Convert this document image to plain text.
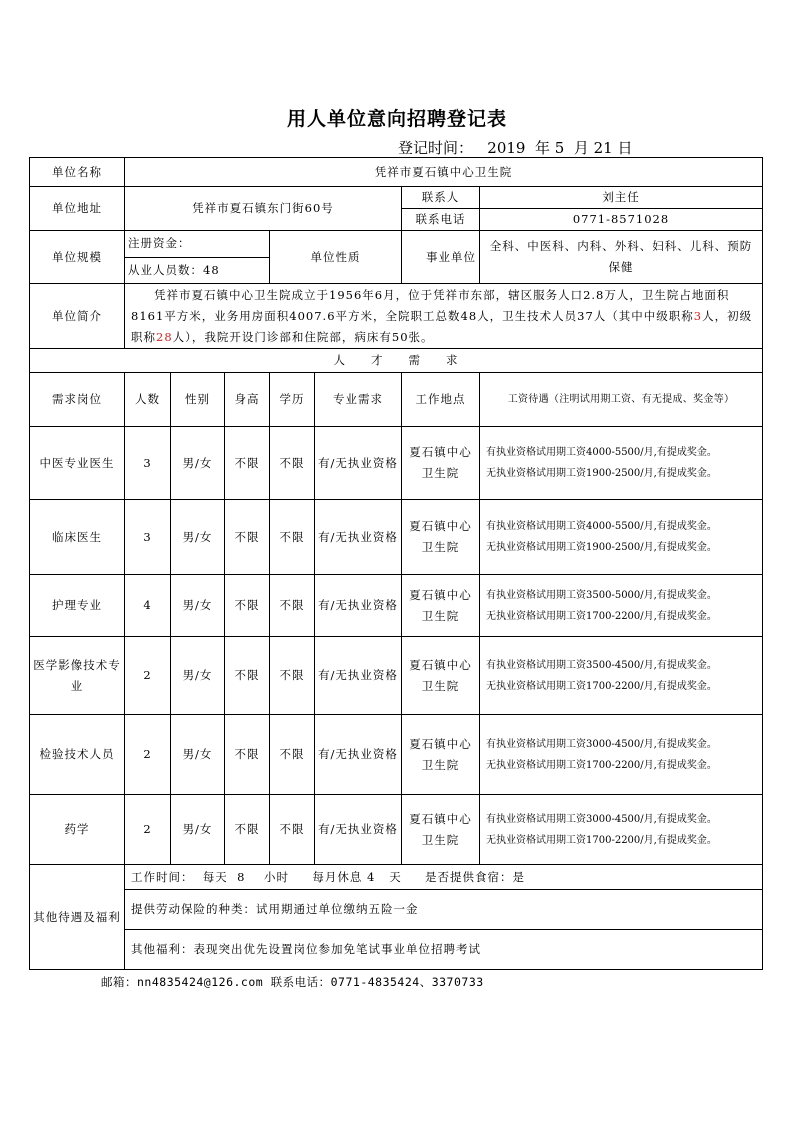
用人单位意向招聘登记表
登记时间：   2019  年 5  月 21 日
单位名称	凭祥市夏石镇中心卫生院						
单位地址	凭祥市夏石镇东门街60号					联系人	刘主任
						联系电话	0771-8571028
单位规模	注册资金：			单位性质		事业单位	全科、中医科、内科、外科、妇科、儿科、预防保健
	从业人员数：48						
单位简介	凭祥市夏石镇中心卫生院成立于1956年6月，位于凭祥市东部，辖区服务人口2.8万人，卫生院占地面积8161平方米，业务用房面积4007.6平方米，全院职工总数48人，卫生技术人员37人（其中中级职称3人，初级职称28人），我院开设门诊部和住院部，病床有50张。						
人　　才　　需　　求							
需求岗位	人数	性别	身高	学历	专业需求	工作地点	工资待遇（注明试用期工资、有无提成、奖金等）
中医专业医生	3	男/女	不限	不限	有/无执业资格	夏石镇中心卫生院	有执业资格试用期工资4000-5500/月,有提成奖金。
无执业资格试用期工资1900-2500/月,有提成奖金。

临床医生	3	男/女	不限	不限	有/无执业资格	夏石镇中心卫生院	有执业资格试用期工资4000-5500/月,有提成奖金。
无执业资格试用期工资1900-2500/月,有提成奖金。

护理专业	4	男/女	不限	不限	有/无执业资格	夏石镇中心卫生院	有执业资格试用期工资3500-5000/月,有提成奖金。
无执业资格试用期工资1700-2200/月,有提成奖金。

医学影像技术专业	2	男/女	不限	不限	有/无执业资格	夏石镇中心卫生院	有执业资格试用期工资3500-4500/月,有提成奖金。
无执业资格试用期工资1700-2200/月,有提成奖金。

检验技术人员	2	男/女	不限	不限	有/无执业资格	夏石镇中心卫生院	有执业资格试用期工资3000-4500/月,有提成奖金。
无执业资格试用期工资1700-2200/月,有提成奖金。

药学	2	男/女	不限	不限	有/无执业资格	夏石镇中心卫生院	有执业资格试用期工资3000-4500/月,有提成奖金。
无执业资格试用期工资1700-2200/月,有提成奖金。

其他待遇及福利	工作时间：  每天  8    小时     每月休息 4   天     是否提供食宿：是						
	提供劳动保险的种类：试用期通过单位缴纳五险一金						
	其他福利：表现突出优先设置岗位参加免笔试事业单位招聘考试						
邮箱：nn4835424@126.com 联系电话：0771-4835424、3370733
